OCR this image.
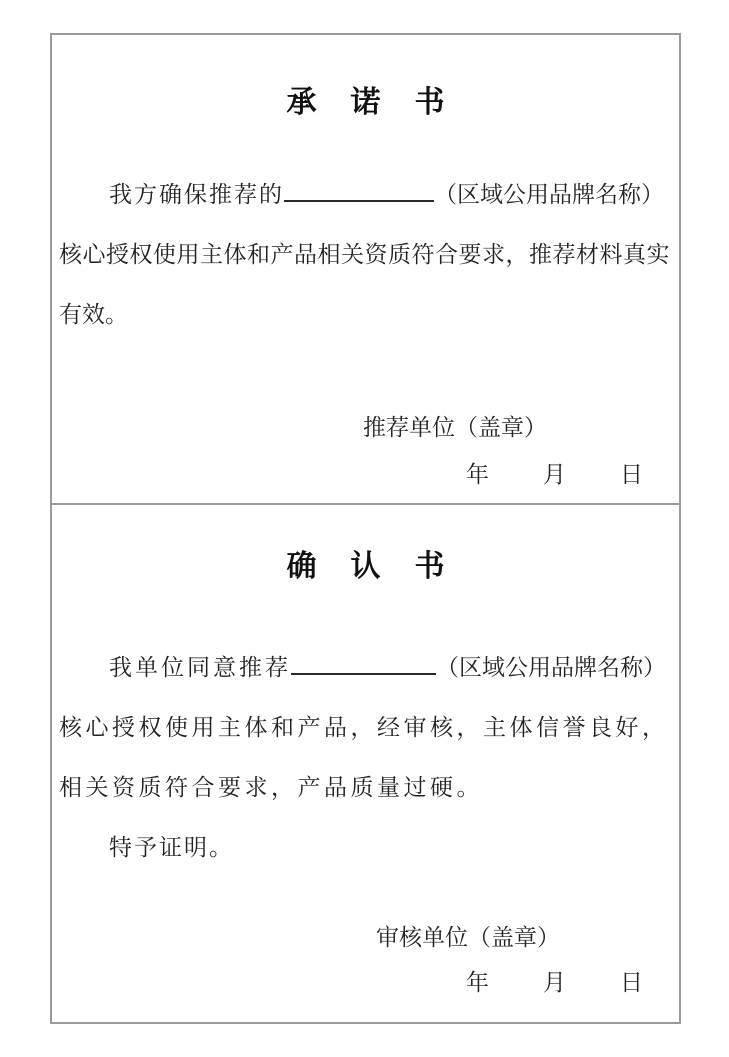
承诺书
我方确保推荐的	（区域公用品牌名称）
核心授权使用主体和产品相关资质符合要求，推荐材料真实
有效。
推荐单位（盖章）
年 月 日
确认书
我单位同意推荐	（区域公用品牌名称）
核心授权使用主体和产品，经审核，主体信誉良好，
相关资质符合要求，产品质量过硬。
特予证明。
审核单位（盖章）
年 月 日
